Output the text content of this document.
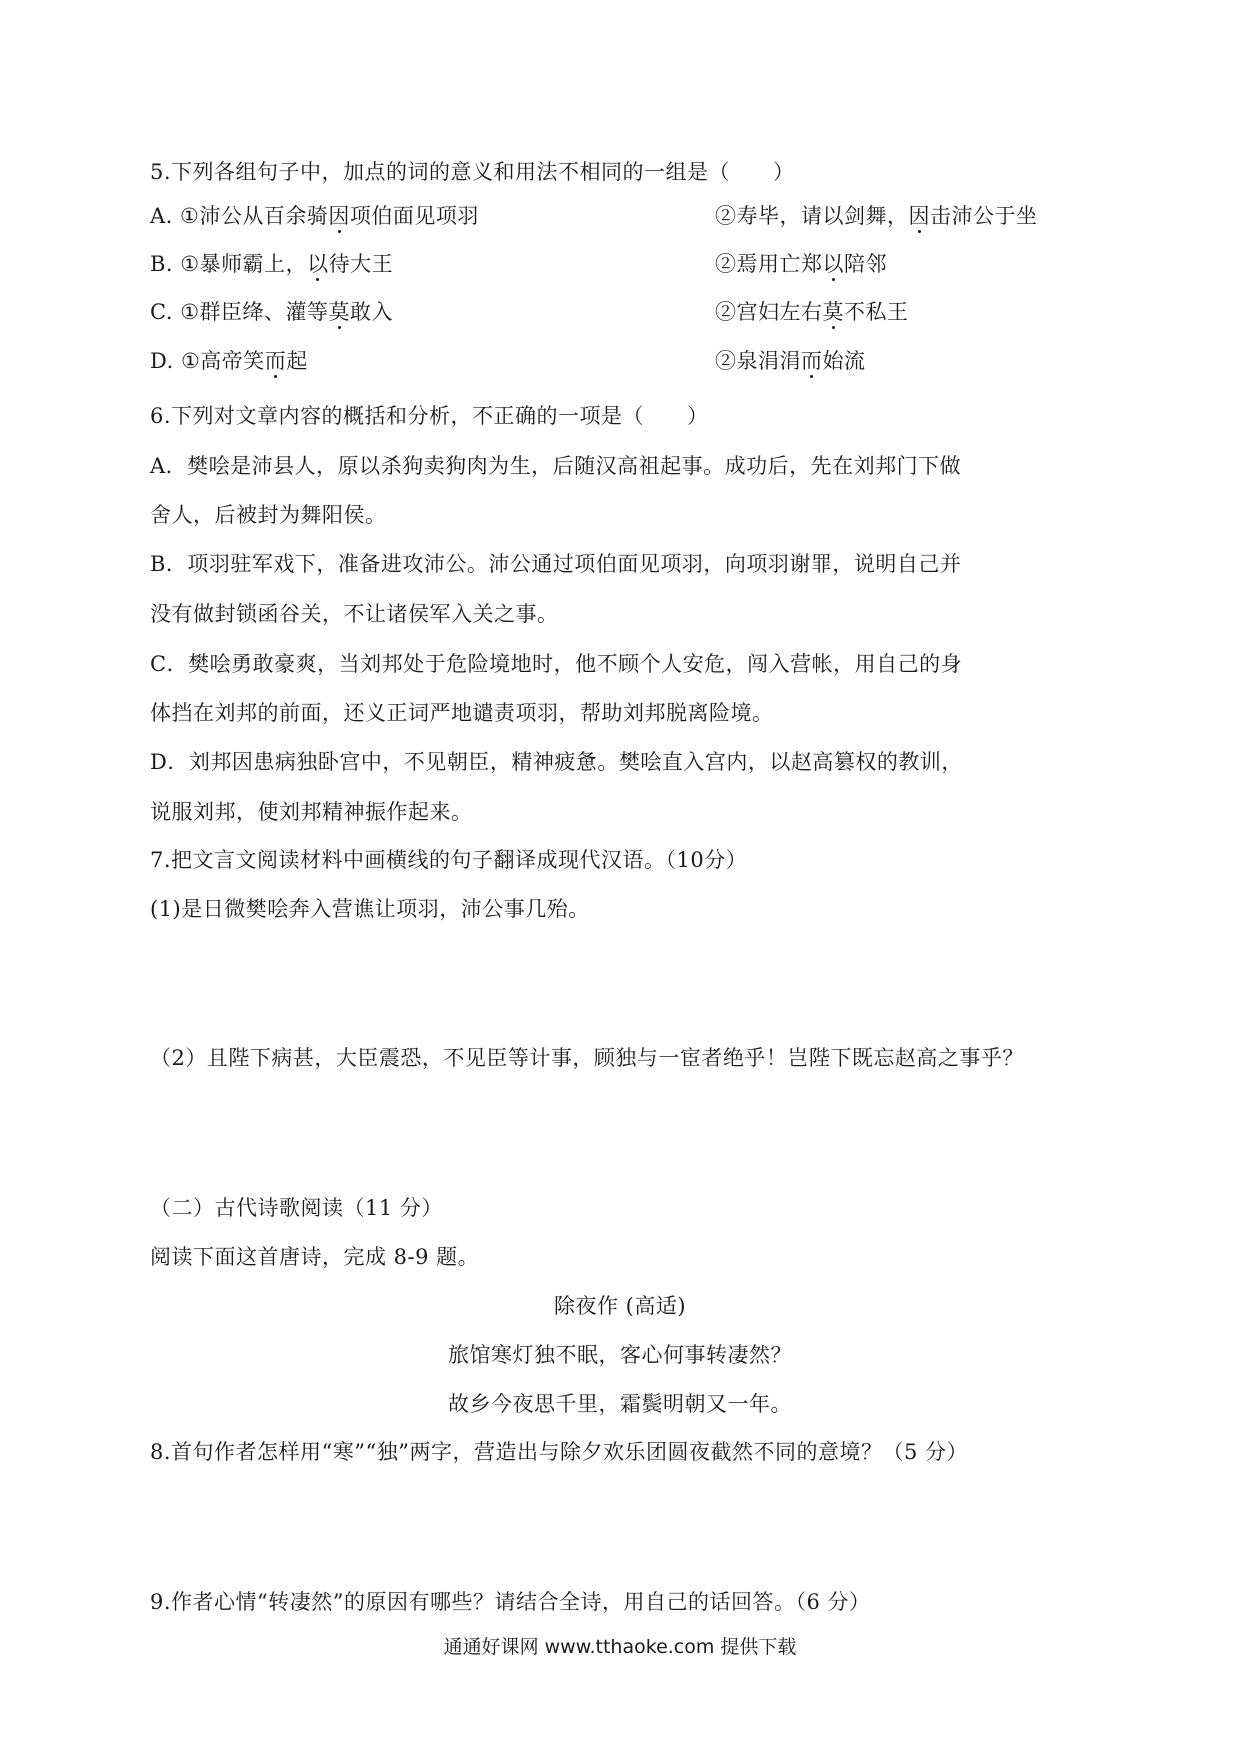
5.下列各组句子中，加点的词的意义和用法不相同的一组是（　　）
A. ①沛公从百余骑因项伯面见项羽	②寿毕，请以剑舞，因击沛公于坐
B. ①暴师霸上，以待大王	②焉用亡郑以陪邻
C. ①群臣绛、灌等莫敢入	②宫妇左右莫不私王
D. ①高帝笑而起	②泉涓涓而始流
6.下列对文章内容的概括和分析，不正确的一项是（　　）
A．樊哙是沛县人，原以杀狗卖狗肉为生，后随汉高祖起事。成功后，先在刘邦门下做
舍人，后被封为舞阳侯。
B．项羽驻军戏下，准备进攻沛公。沛公通过项伯面见项羽，向项羽谢罪，说明自己并
没有做封锁函谷关，不让诸侯军入关之事。
C．樊哙勇敢豪爽，当刘邦处于危险境地时，他不顾个人安危，闯入营帐，用自己的身
体挡在刘邦的前面，还义正词严地谴责项羽，帮助刘邦脱离险境。
D．刘邦因患病独卧宫中，不见朝臣，精神疲惫。樊哙直入宫内，以赵高篡权的教训，
说服刘邦，使刘邦精神振作起来。
7.把文言文阅读材料中画横线的句子翻译成现代汉语。（10分）
(1)是日微樊哙奔入营谯让项羽，沛公事几殆。
（2）且陛下病甚，大臣震恐，不见臣等计事，顾独与一宦者绝乎！岂陛下既忘赵高之事乎？
（二）古代诗歌阅读（11 分）
阅读下面这首唐诗，完成 8-9 题。
除夜作 (高适)
旅馆寒灯独不眠，客心何事转凄然？
故乡今夜思千里，霜鬓明朝又一年。
8.首句作者怎样用“寒”“独”两字，营造出与除夕欢乐团圆夜截然不同的意境？（5 分）
9.作者心情“转凄然”的原因有哪些？请结合全诗，用自己的话回答。（6 分）
通通好课网 www.tthaoke.com 提供下载
